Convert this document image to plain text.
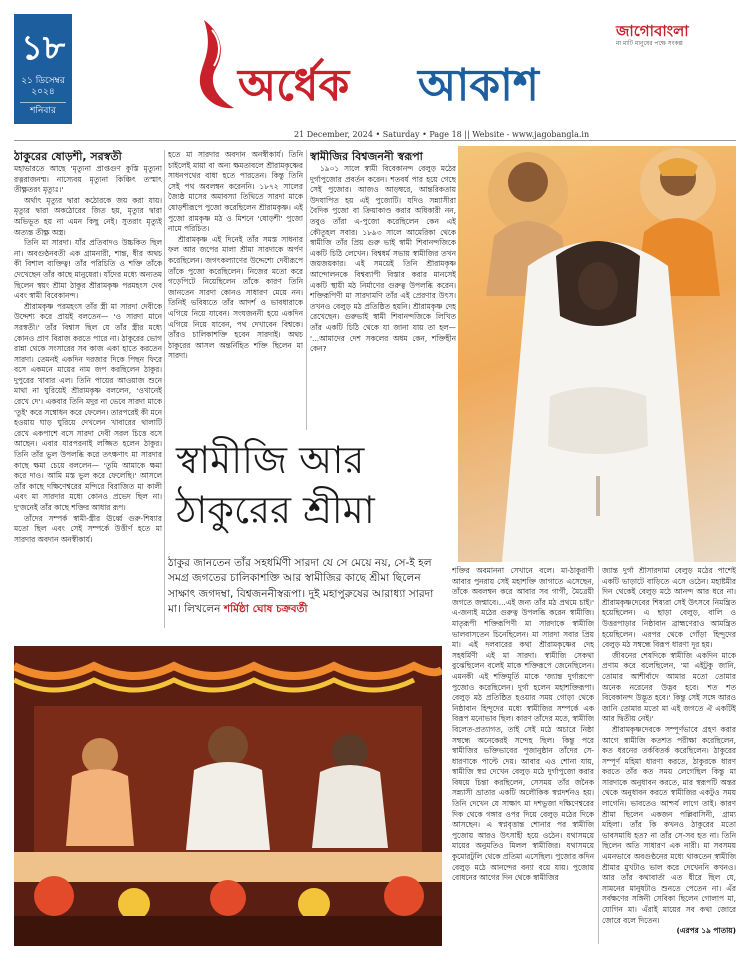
১৮
২১ ডিসেম্বর
২০২৪
শনিবার	অর্ধেক আকাশ
জাগোবাংলা
মা মাটি মানুষের পক্ষে সংকল্প
21 December, 2024 • Saturday • Page 18 || Website - www.jagobangla.in
ঠাকুরের ষোড়শী, সরস্বতী

মহাভারতে আছে 'মৃত্যুনা প্রাপ্তগুণ কুস্তি মৃত্যুনা রত্নরাজনম্ম। নাস্যেবয় মৃত্যুনা কিঞ্চিৎ তস্মাৎ তীক্ষ্ণতরং মৃত্যুঃ।'

অর্থাৎ মৃত্যুর দ্বারা কঠোরকে জয় করা যায়। মৃত্যুর দ্বারা অকঠোরের জিত হয়, মৃত্যুর দ্বারা অভিভূত হয় না এমন কিছু নেই। সুতরাং মৃত্যুই অত্যন্ত তীক্ষ্ণ অস্ত্র।

তিনি মা সারদা। যাঁর প্রতিবাদও উচ্চকিত ছিল না। অবগুণ্ঠনবতী এক গ্রামনারী, শান্ত, ধীর অথচ কী বিশাল ব্যক্তিত্ব! তাঁর পরিচিতি ও শক্তি তাঁকে দেখেছেন তাঁর কাছে মানুষেরা। যাঁদের মধ্যে অন্যতম ছিলেন স্বয়ং শ্রীমা ঠাকুর শ্রীরামকৃষ্ণ পরমহংস দেব এবং স্বামী বিবেকানন্দ।

শ্রীরামকৃষ্ণ পরমহংস তাঁর স্ত্রী মা সারদা দেবীকে উদ্দেশ্য করে প্রায়ই বলতেন— 'ও সারদা মানে সরস্বতী।' তাঁর বিশ্বাস ছিল যে তাঁর স্ত্রীর মধ্যে কোনও প্রাণ বিরাজ করতে পারে না। ঠাকুরের ভোগ রান্না থেকে সংসারের সব কাজ একা হাতে করতেন সারদা। তেমনই একদিন দরজার দিকে পিছন ফিরে বসে একমনে মায়ের নাম জপ করছিলেন ঠাকুর। দুপুরের খাবার এল। তিনি পায়ের আওয়াজ শুনে মাথা না ঘুরিয়েই শ্রীরামকৃষ্ণ বললেন, 'ওখানেই রেখে দে'। একবার তিনি মদুর না ভেবে সারদা মাকে 'তুই' করে সম্বোধন করে ফেলেন। তারপরেই কী মনে হওয়ায় ঘাড় ঘুরিয়ে দেখলেন খাবারের থালাটি রেখে একপাশে বসে সারদা দেবী সরল চিত্তে বসে আছেন। এবার যারপরনাই লজ্জিত হলেন ঠাকুর। তিনি তাঁর ভুল উপলব্ধি করে তৎক্ষণাৎ মা সারদার কাছে ক্ষমা চেয়ে বললেন— 'তুমি আমাকে ক্ষমা করে দাও। আমি মস্ত ভুল করে ফেলেছি।' আসলে তাঁর কাছে দক্ষিণেশ্বরের মন্দিরে বিরাজিত মা কালী এবং মা সারদার মধ্যে কোনও প্রভেদ ছিল না। দু'জনেই তাঁর কাছে শক্তির আধার রূপ।

তাঁদের সম্পর্ক স্বামী-স্ত্রীর ঊর্ধ্বে গুরু-শিষ্যার মতো ছিল এবং সেই সম্পর্কে উত্তীর্ণ হতে মা সারদার অবদান অনস্বীকার্য।

হতে মা সারদার অবদান অনস্বীকার্য। তিনি চাইলেই মায়া বা অন্য ক্ষমতাবলে শ্রীরামকৃষ্ণের সাধনপথের বাধা হতে পারতেন। কিন্তু তিনি সেই পথ অবলম্বন করেননি। ১৮৭২ সালের জ্যৈষ্ঠ মাসের অমাবস্যা তিথিতে সারদা মাকে ষোড়শীরূপে পুজো করেছিলেন শ্রীরামকৃষ্ণ। এই পুজো রামকৃষ্ণ মঠ ও মিশনে 'ষোড়শী' পুজো নামে পরিচিত।

শ্রীরামকৃষ্ণ এই দিনেই তাঁর সমস্ত সাধনার ফল আর জপের মালা শ্রীমা সারদাকে অর্পণ করেছিলেন। জগৎকল্যাণের উদ্দেশ্যে দেবীরূপে তাঁকে পুজো করেছিলেন। নিজের মতো করে গড়েপিটে নিয়েছিলেন তাঁকে কারণ তিনি জানতেন সারদা কোনও সাধারণ মেয়ে নন। তিনিই ভবিষ্যতে তাঁর আদর্শ ও ভাবধারাকে এগিয়ে নিয়ে যাবেন। সংঘজননী হয়ে একদিন এগিয়ে নিয়ে যাবেন, পথ দেখাবেন বিশ্বকে। তাঁরও চালিকাশক্তি হবেন সারদাই। অথচ ঠাকুরের আসল অন্তর্নিহিত শক্তি ছিলেন মা সারদা।

স্বামীজির বিশ্বজননী স্বরূপা

১৯০১ সালে স্বামী বিবেকানন্দ বেলুড় মঠের দুর্গাপুজোর প্রবর্তন করেন। শতবর্ষ পার হয়ে গেছে সেই পুজোর। আজও আড়ম্বরে, আন্তরিকতায় উদযাপিত হয় এই পুজোটি। যদিও সন্ন্যাসীরা বৈদিক পুজো বা ক্রিয়াকাণ্ড করার অধিকারী নন, তবুও তাঁরা এ-পুজো করেছিলেন কেন এই কৌতূহল সবার। ১৮৯৩ সালে আমেরিকা থেকে স্বামীজি তাঁর প্রিয় গুরু ভাই স্বামী শিবানন্দজিকে একটি চিঠি লেখেন। বিশ্বধর্ম সভায় স্বামীজির তখন জয়জয়কার। এই সময়েই তিনি শ্রীরামকৃষ্ণ আন্দোলনকে বিশ্বব্যাপী বিস্তার করার মানসেই একটি স্থায়ী মঠ নির্মাণের গুরুত্ব উপলব্ধি করেন। শক্তিরূপিণী মা সারদামণি তাঁর এই প্রেরণার উৎস। তখনও বেলুড় মঠ প্রতিষ্ঠিত হয়নি। শ্রীরামকৃষ্ণ দেহ রেখেছেন। গুরুভাই স্বামী শিবানন্দজিকে লিখিত তাঁর একটি চিঠি থেকে যা জানা যায় তা হল— '...আমাদের দেশ সকলের অধম কেন, শক্তিহীন কেন?

স্বামীজি আর
ঠাকুরের শ্রীমা
ঠাকুর জানতেন তাঁর সহধর্মিণী সারদা যে সে মেয়ে নয়, সে-ই হল সমগ্র জগতের চালিকাশক্তি আর স্বামীজির কাছে শ্রীমা ছিলেন সাক্ষাৎ জগদম্বা, বিশ্বজননীস্বরূপা। দুই মহাপুরুষের আরাধ্যা সারদা মা। লিখলেন শর্মিষ্ঠা ঘোষ চক্রবর্তী

শক্তির অবমাননা সেখানে বলে। মা-ঠাকুরাণী আবার পুনরায় সেই মহাশক্তি জাগাতে এসেছেন, তাঁকে অবলম্বন করে আবার সব গার্গী, মৈত্রেয়ী জগতে জন্মাবে।...এই জন্য তাঁর মঠ প্রথমে চাই।' এ-জন্যই মঠের গুরুত্ব উপলব্ধি করেন স্বামীজি। মাতৃরূপী শক্তিরূপিণী মা সারদাকে স্বামীজি ভালবাসতেন চিনেছিলেন। মা সারদা সবার প্রিয় মা। এই দলবারের কথা শ্রীরামকৃষ্ণের দেহ সহধর্মিণী এই মা সারদা। স্বামীজি সেকথা বুঝেছিলেন বলেই মাকে শক্তিরূপে জেনেছিলেন। এমনকী এই শক্তিমূর্তি মাকে 'জ্যান্ত দুর্গারূপে' পুজোও করেছিলেন। দুর্গা হলেন মহাশক্তিরূপা। বেলুড় মঠ প্রতিষ্ঠিত হওয়ার সময় গোড়া থেকে নিষ্ঠাবান হিন্দুদের মধ্যে স্বামীজির সম্পর্কে এক বিরূপ মনোভাব ছিল। কারণ তাঁদের মতে, স্বামীজি বিলেত-প্রত্যাগত, তাই সেই মঠে অচারে নিষ্ঠা সম্বন্ধে অনেকেরই সন্দেহ ছিল। কিন্তু পরে স্বামীজির ভক্তিভাবের পূজানুষ্ঠান তাঁদের সে-ধারণাকে পাল্টে দেয়। আবার এও শোনা যায়, স্বামীজি স্বপ্ন দেখেন বেলুড় মঠে দুর্গাপুজো করার বিষয়ে চিন্তা করছিলেন, সেসময় তাঁর জনৈক সন্ন্যাসী ভ্রাতার একটি অলৌকিক স্বপ্নদর্শনও হয়। তিনি দেখেন যে সাক্ষাৎ মা দশভুজা দক্ষিণেশ্বরের দিক থেকে গঙ্গার ওপর দিয়ে বেলুড় মঠের দিকে আসছেন। এ স্বপ্নবৃত্তান্ত শোনার পর স্বামীজি পুজোয় আরও উৎসাহী হয়ে ওঠেন। যথাসময়ে মায়ের অনুমতিও মিলল স্বামীজির। যথাসময়ে কুমোরটুলি থেকে প্রতিমা এসেছিল। পুজোর কদিন বেলুড় মঠে আনন্দের বন্যা বয়ে যায়। পুজোয় বোধনের আগের দিন থেকে স্বামীজির

জ্যান্ত দুর্গা শ্রীসারদামা বেলুড় মঠের পাশেই একটি ভাড়াটে বাড়িতে এসে ওঠেন। মহাষ্টমীর দিন থেকেই বেলুড় মঠে আনন্দ আর ধরে না। শ্রীরামকৃষ্ণদেবের শিষ্যরা সেই উৎসবে নিমন্ত্রিত হয়েছিলেন। এ ছাড়া বেলুড়, বালি ও উত্তরপাড়ার নিষ্ঠাবান ব্রাহ্মণেরাও আমন্ত্রিত হয়েছিলেন। এরপর থেকে গোঁড়া হিন্দুদের বেলুড় মঠ সম্বন্ধে বিরূপ ধারণা দূর হয়।

জীবনের শেষদিকে স্বামীজি একদিন মাকে প্রণাম করে বলেছিলেন, 'মা এইটুকু জানি, তোমার আশীর্বাদে আমার মতো তোমার অনেক নরেনের উদ্ভব হবে। শত শত বিবেকানন্দ উদ্ভূত হবে।' কিন্তু সেই সঙ্গে আরও জানি তোমার মতো মা এই জগতে ঐ একটিই আর দ্বিতীয় নেই।'

শ্রীরামকৃষ্ণদেবকে সম্পূর্ণভাবে গ্রহণ করার আগে স্বামীজি কতশত পরীক্ষা করেছিলেন, কত ধরনের তর্কবিতর্ক করেছিলেন। ঠাকুরের সম্পূর্ণ মহিমা ধারণা করতে, ঠাকুরকে ধারণ করতে তাঁর কত সময় লেগেছিল কিন্তু মা সারদাকে অনুধাবন করতে, মার স্বরূপটি অন্তর থেকে অনুধাবন করতে স্বামীজির একটুও সময় লাগেনি। ভাবতেও আশ্চর্য লাগে তাই। কারণ শ্রীমা ছিলেন একজন পল্লিবাসিনী, গ্রাম্য মহিলা। তাঁর কি কখনও ঠাকুরের মতো ভাবসমাধি হত? না তাঁর সে-সব হত না। তিনি ছিলেন অতি সাধারণ এক নারী। মা সবসময় এমনভাবে অবগুণ্ঠনের মধ্যে থাকতেন স্বামীজি শ্রীমার মুখটাও ভাল করে দেখেননি কখনও। আর তাঁর কথাবার্তা এত ধীরে ছিল যে, সামনের মানুষটাও শুনতে পেতেন না। এঁর সর্বক্ষণের সঙ্গিনী সেবিকা ছিলেন গোলাপ মা, যোগিন মা। এঁরাই মায়ের সব কথা জোরে জোরে বলে দিতেন।

(এরপর ১৯ পাতায়)
